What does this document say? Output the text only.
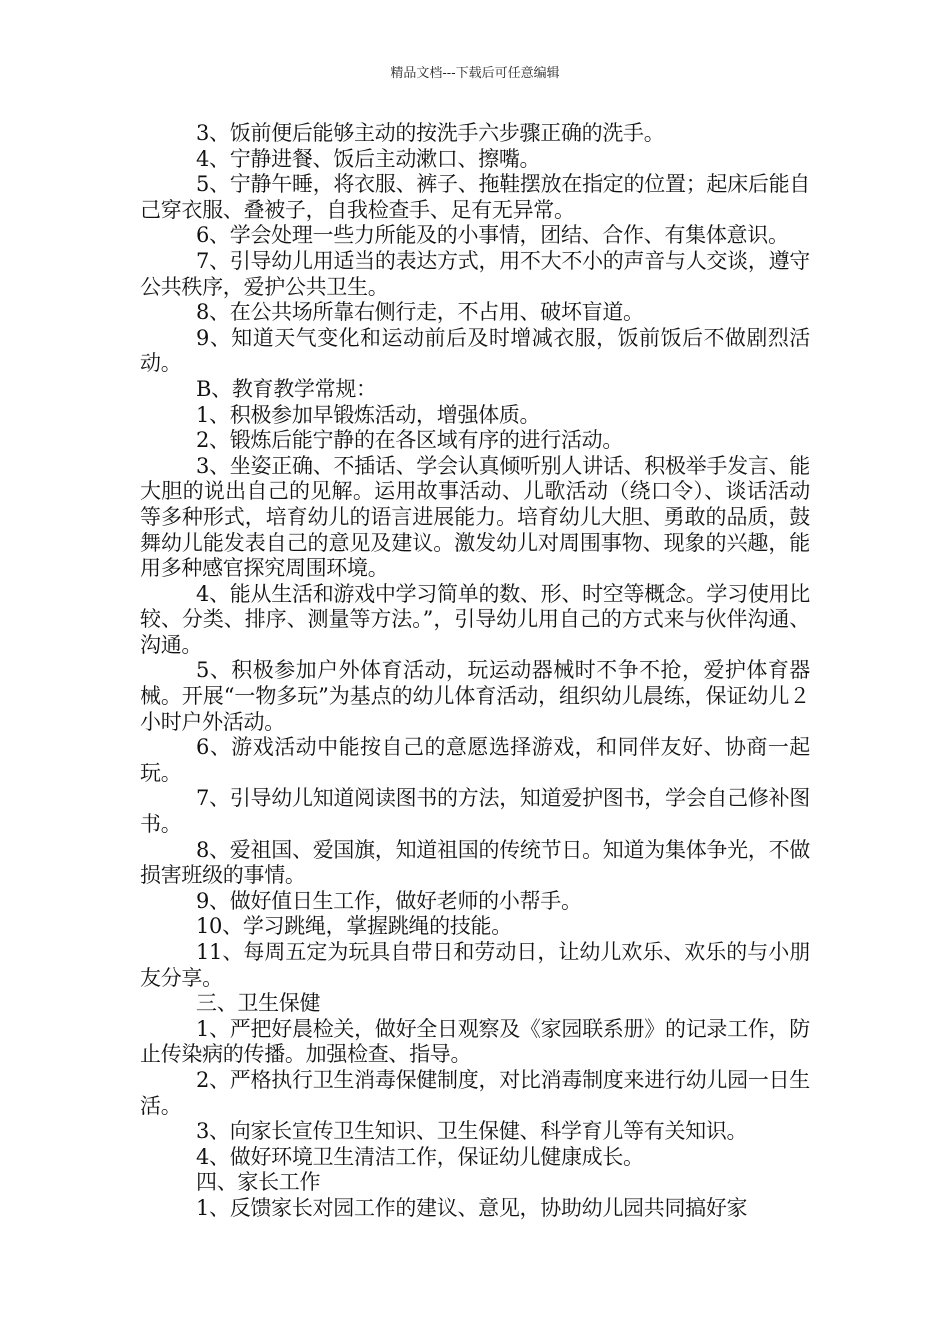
精品文档---下载后可任意编辑

3、饭前便后能够主动的按洗手六步骤正确的洗手。

4、宁静进餐、饭后主动漱口、擦嘴。

5、宁静午睡，将衣服、裤子、拖鞋摆放在指定的位置；起床后能自己穿衣服、叠被子，自我检查手、足有无异常。

6、学会处理一些力所能及的小事情，团结、合作、有集体意识。

7、引导幼儿用适当的表达方式，用不大不小的声音与人交谈，遵守公共秩序，爱护公共卫生。

8、在公共场所靠右侧行走，不占用、破坏盲道。

9、知道天气变化和运动前后及时增减衣服，饭前饭后不做剧烈活动。

B、教育教学常规：

1、积极参加早锻炼活动，增强体质。

2、锻炼后能宁静的在各区域有序的进行活动。

3、坐姿正确、不插话、学会认真倾听别人讲话、积极举手发言、能大胆的说出自己的见解。运用故事活动、儿歌活动（绕口令）、谈话活动等多种形式，培育幼儿的语言进展能力。培育幼儿大胆、勇敢的品质，鼓舞幼儿能发表自己的意见及建议。激发幼儿对周围事物、现象的兴趣，能用多种感官探究周围环境。

4、能从生活和游戏中学习简单的数、形、时空等概念。学习使用比较、分类、排序、测量等方法。”，引导幼儿用自己的方式来与伙伴沟通、沟通。

5、积极参加户外体育活动，玩运动器械时不争不抢，爱护体育器械。开展“一物多玩”为基点的幼儿体育活动，组织幼儿晨练，保证幼儿２小时户外活动。

6、游戏活动中能按自己的意愿选择游戏，和同伴友好、协商一起玩。

7、引导幼儿知道阅读图书的方法，知道爱护图书，学会自己修补图书。

8、爱祖国、爱国旗，知道祖国的传统节日。知道为集体争光，不做损害班级的事情。

9、做好值日生工作，做好老师的小帮手。

10、学习跳绳，掌握跳绳的技能。

11、每周五定为玩具自带日和劳动日，让幼儿欢乐、欢乐的与小朋友分享。

三、卫生保健

1、严把好晨检关，做好全日观察及《家园联系册》的记录工作，防止传染病的传播。加强检查、指导。

2、严格执行卫生消毒保健制度，对比消毒制度来进行幼儿园一日生活。

3、向家长宣传卫生知识、卫生保健、科学育儿等有关知识。

4、做好环境卫生清洁工作，保证幼儿健康成长。

四、家长工作

1、反馈家长对园工作的建议、意见，协助幼儿园共同搞好家
